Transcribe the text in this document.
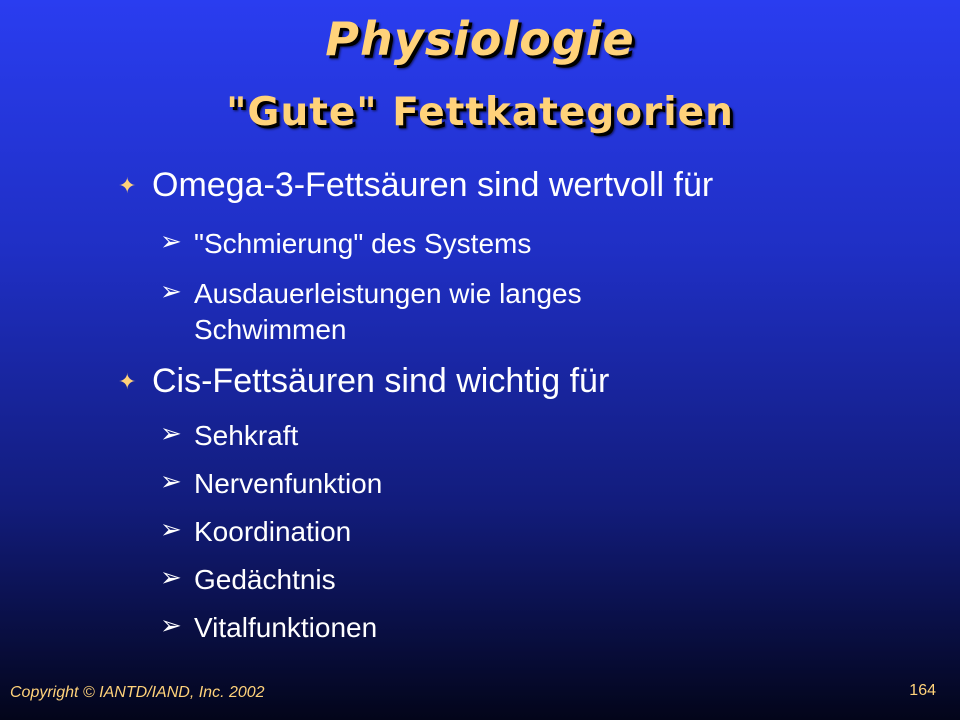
Physiologie
"Gute" Fettkategorien
✦ Omega-3-Fettsäuren sind wertvoll für
➢ "Schmierung" des Systems
➢ Ausdauerleistungen wie langes Schwimmen
✦ Cis-Fettsäuren sind wichtig für
➢ Sehkraft
➢ Nervenfunktion
➢ Koordination
➢ Gedächtnis
➢ Vitalfunktionen
Copyright © IANTD/IAND, Inc. 2002	164
